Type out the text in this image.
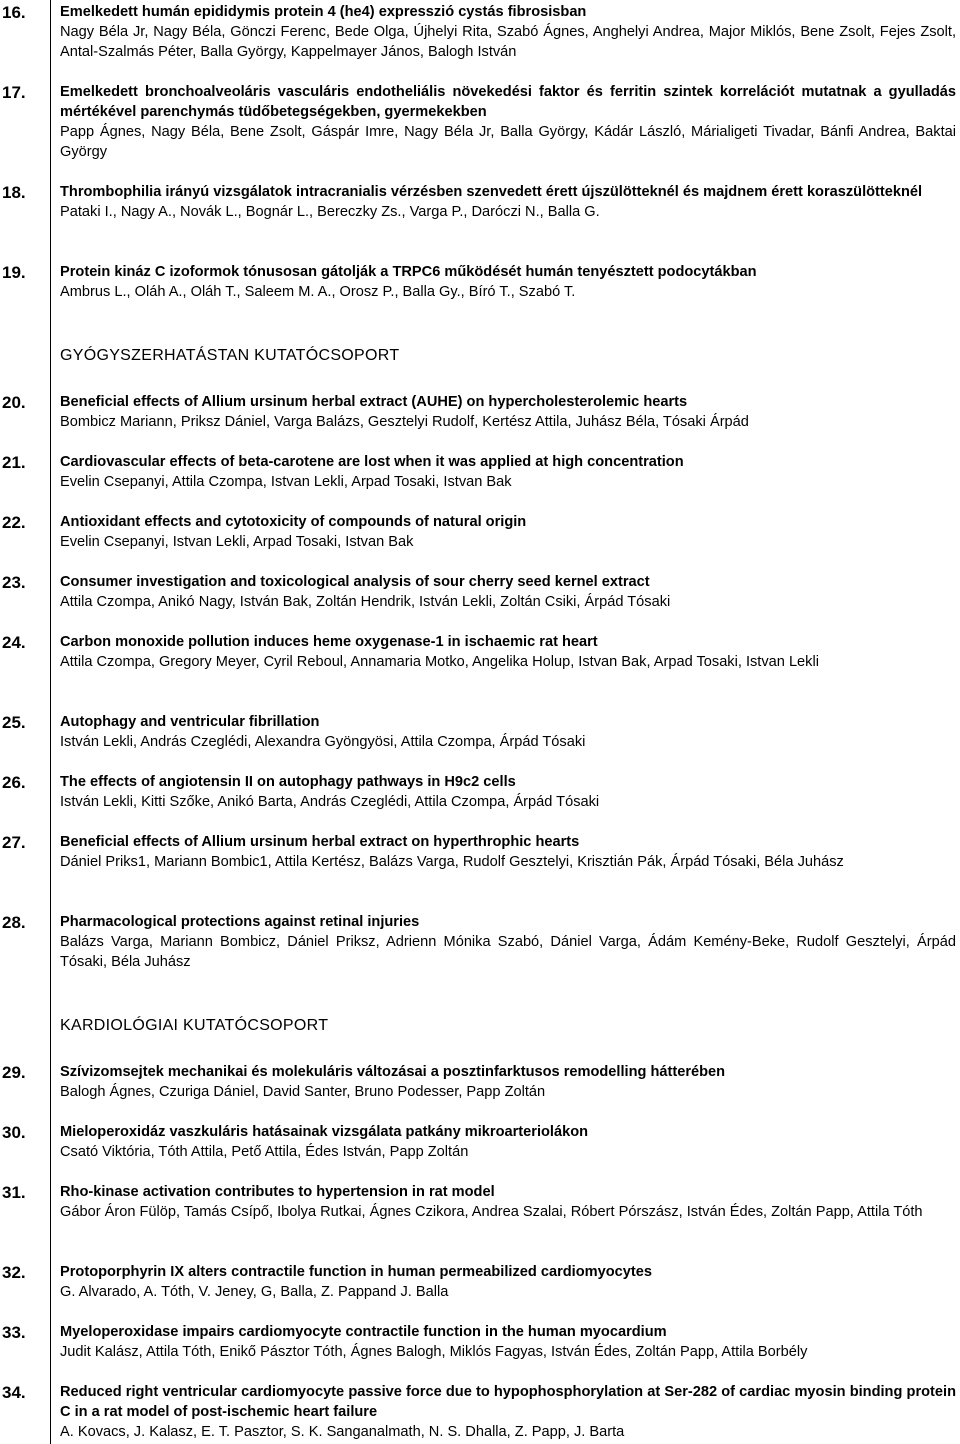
16.	Emelkedett humán epididymis protein 4 (he4) expresszió cystás fibrosisban
Nagy Béla Jr, Nagy Béla, Gönczi Ferenc, Bede Olga, Újhelyi Rita, Szabó Ágnes, Anghelyi Andrea, Major Miklós, Bene Zsolt, Fejes Zsolt, Antal-Szalmás Péter, Balla György, Kappelmayer János, Balogh István
17.	Emelkedett bronchoalveoláris vasculáris endotheliális növekedési faktor és ferritin szintek korrelációt mutatnak a gyulladás mértékével parenchymás tüdőbetegségekben, gyermekekben
Papp Ágnes, Nagy Béla, Bene Zsolt, Gáspár Imre, Nagy Béla Jr, Balla György, Kádár László, Márialigeti Tivadar, Bánfi Andrea, Baktai György
18.	Thrombophilia irányú vizsgálatok intracranialis vérzésben szenvedett érett újszülötteknél és majdnem érett koraszülötteknél
Pataki I., Nagy A., Novák L., Bognár L., Bereczky Zs., Varga P., Daróczi N., Balla G.
19.	Protein kináz C izoformok tónusosan gátolják a TRPC6 működését humán tenyésztett podocytákban
Ambrus L., Oláh A., Oláh T., Saleem M. A., Orosz P., Balla Gy., Bíró T., Szabó T.
GYÓGYSZERHATÁSTAN KUTATÓCSOPORT
20.	Beneficial effects of Allium ursinum herbal extract (AUHE) on hypercholesterolemic hearts
Bombicz Mariann, Priksz Dániel, Varga Balázs, Gesztelyi Rudolf, Kertész Attila, Juhász Béla, Tósaki Árpád
21.	Cardiovascular effects of beta-carotene are lost when it was applied at high concentration
Evelin Csepanyi, Attila Czompa, Istvan Lekli, Arpad Tosaki, Istvan Bak
22.	Antioxidant effects and cytotoxicity of compounds of natural origin
Evelin Csepanyi, Istvan Lekli, Arpad Tosaki, Istvan Bak
23.	Consumer investigation and toxicological analysis of sour cherry seed kernel extract
Attila Czompa, Anikó Nagy, István Bak, Zoltán Hendrik, István Lekli, Zoltán Csiki, Árpád Tósaki
24.	Carbon monoxide pollution induces heme oxygenase-1 in ischaemic rat heart
Attila Czompa, Gregory Meyer, Cyril Reboul, Annamaria Motko, Angelika Holup, Istvan Bak, Arpad Tosaki, Istvan Lekli
25.	Autophagy and ventricular fibrillation
István Lekli, András Czeglédi, Alexandra Gyöngyösi, Attila Czompa, Árpád Tósaki
26.	The effects of angiotensin II on autophagy pathways in H9c2 cells
István Lekli, Kitti Szőke, Anikó Barta, András Czeglédi, Attila Czompa, Árpád Tósaki
27.	Beneficial effects of Allium ursinum herbal extract on hyperthrophic hearts
Dániel Priks1, Mariann Bombic1, Attila Kertész, Balázs Varga, Rudolf Gesztelyi, Krisztián Pák, Árpád Tósaki, Béla Juhász
28.	Pharmacological protections against retinal injuries
Balázs Varga, Mariann Bombicz, Dániel Priksz, Adrienn Mónika Szabó, Dániel Varga, Ádám Kemény-Beke, Rudolf Gesztelyi, Árpád Tósaki, Béla Juhász
KARDIOLÓGIAI KUTATÓCSOPORT
29.	Szívizomsejtek mechanikai és molekuláris változásai a posztinfarktusos remodelling hátterében
Balogh Ágnes, Czuriga Dániel, David Santer, Bruno Podesser, Papp Zoltán
30.	Mieloperoxidáz vaszkuláris hatásainak vizsgálata patkány mikroarteriolákon
Csató Viktória, Tóth Attila, Pető Attila, Édes István, Papp Zoltán
31.	Rho-kinase activation contributes to hypertension in rat model
Gábor Áron Fülöp, Tamás Csípő, Ibolya Rutkai, Ágnes Czikora, Andrea Szalai, Róbert Pórszász, István Édes, Zoltán Papp, Attila Tóth
32.	Protoporphyrin IX alters contractile function in human permeabilized cardiomyocytes
G. Alvarado, A. Tóth, V. Jeney, G, Balla, Z. Pappand J. Balla
33.	Myeloperoxidase impairs cardiomyocyte contractile function in the human myocardium
Judit Kalász, Attila Tóth, Enikő Pásztor Tóth, Ágnes Balogh, Miklós Fagyas, István Édes, Zoltán Papp, Attila Borbély
34.	Reduced right ventricular cardiomyocyte passive force due to hypophosphorylation at Ser-282 of cardiac myosin binding protein C in a rat model of post-ischemic heart failure
A. Kovacs, J. Kalasz, E. T. Pasztor, S. K. Sanganalmath, N. S. Dhalla, Z. Papp, J. Barta
